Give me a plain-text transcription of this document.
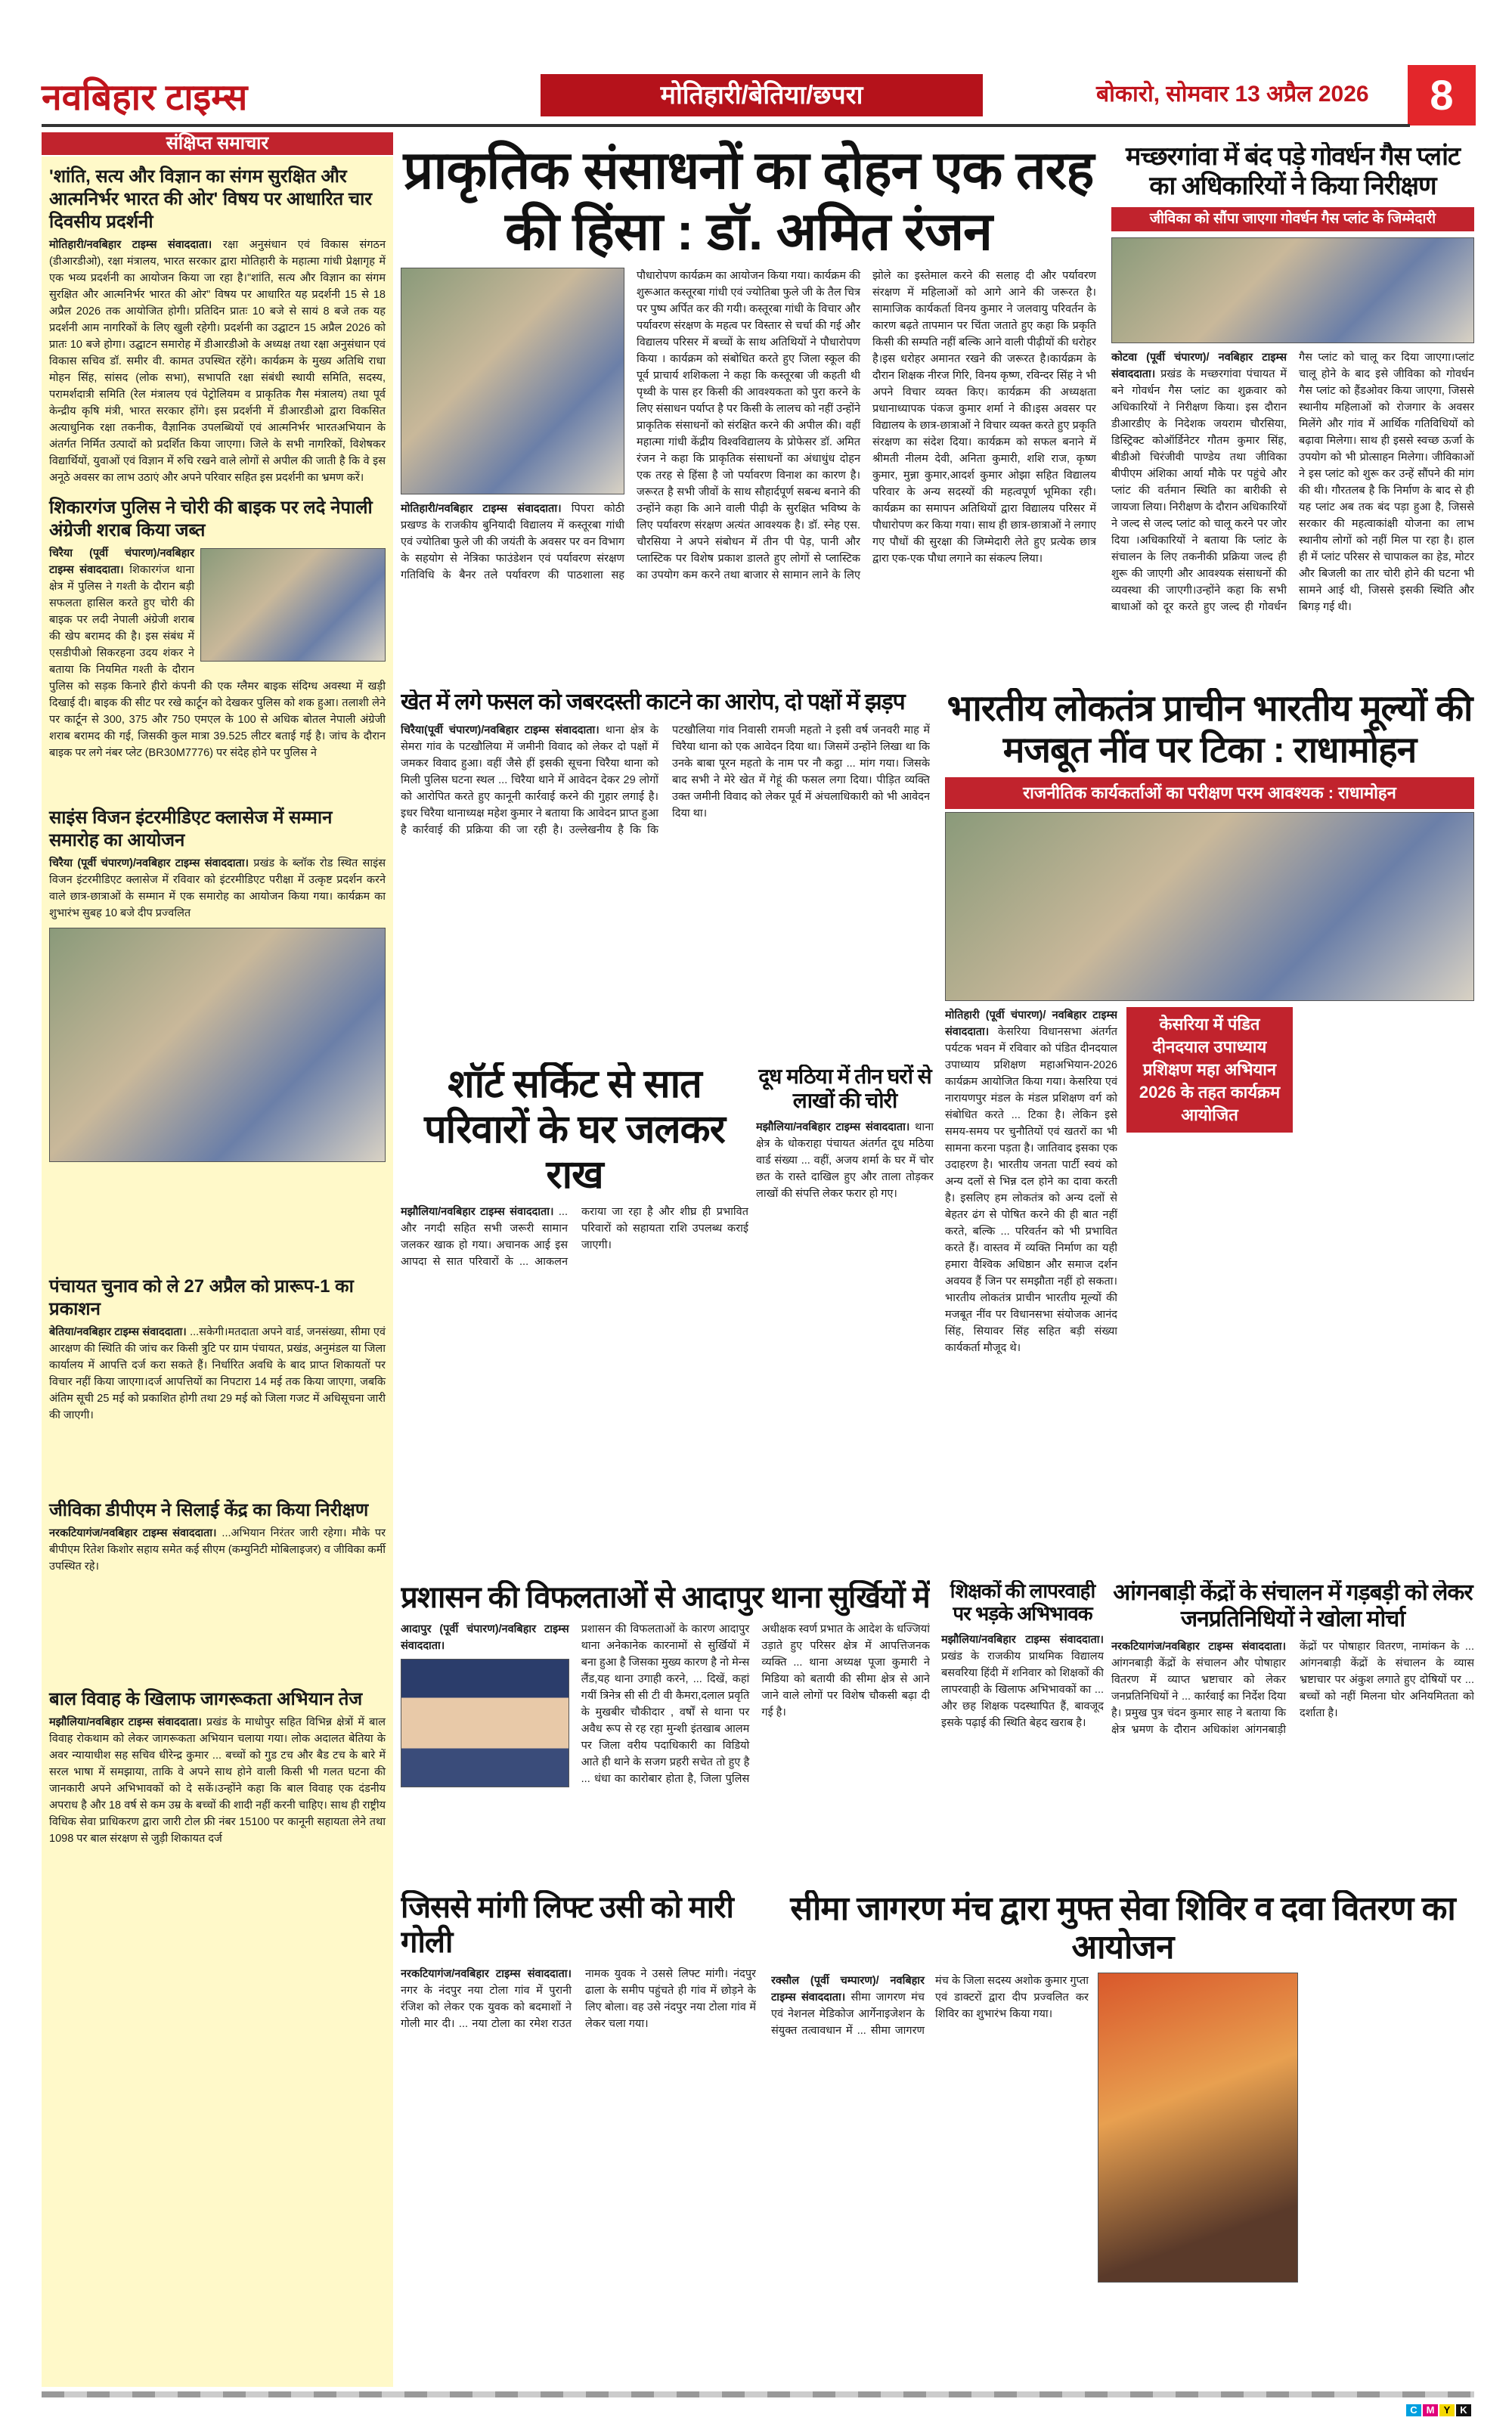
नवबिहार टाइम्स	मोतिहारी/बेतिया/छपरा	बोकारो, सोमवार 13 अप्रैल 2026	8
संक्षिप्त समाचार
'शांति, सत्य और विज्ञान का संगम सुरक्षित और आत्मनिर्भर भारत की ओर' विषय पर आधारित चार दिवसीय प्रदर्शनी

मोतिहारी/नवबिहार टाइम्स संवाददाता। रक्षा अनुसंधान एवं विकास संगठन (डीआरडीओ), रक्षा मंत्रालय, भारत सरकार द्वारा मोतिहारी के महात्मा गांधी प्रेक्षागृह में एक भव्य प्रदर्शनी का आयोजन किया जा रहा है।"शांति, सत्य और विज्ञान का संगम सुरक्षित और आत्मनिर्भर भारत की ओर" विषय पर आधारित यह प्रदर्शनी 15 से 18 अप्रैल 2026 तक आयोजित होगी। प्रतिदिन प्रातः 10 बजे से सायं 8 बजे तक यह प्रदर्शनी आम नागरिकों के लिए खुली रहेगी। प्रदर्शनी का उद्घाटन 15 अप्रैल 2026 को प्रातः 10 बजे होगा। उद्घाटन समारोह में डीआरडीओ के अध्यक्ष तथा रक्षा अनुसंधान एवं विकास सचिव डॉ. समीर वी. कामत उपस्थित रहेंगे। कार्यक्रम के मुख्य अतिथि राधा मोहन सिंह, सांसद (लोक सभा), सभापति रक्षा संबंधी स्थायी समिति, सदस्य, परामर्शदात्री समिति (रेल मंत्रालय एवं पेट्रोलियम व प्राकृतिक गैस मंत्रालय) तथा पूर्व केन्द्रीय कृषि मंत्री, भारत सरकार होंगे। इस प्रदर्शनी में डीआरडीओ द्वारा विकसित अत्याधुनिक रक्षा तकनीक, वैज्ञानिक उपलब्धियों एवं आत्मनिर्भर भारतअभियान के अंतर्गत निर्मित उत्पादों को प्रदर्शित किया जाएगा। जिले के सभी नागरिकों, विशेषकर विद्यार्थियों, युवाओं एवं विज्ञान में रुचि रखने वाले लोगों से अपील की जाती है कि वे इस अनूठे अवसर का लाभ उठाएं और अपने परिवार सहित इस प्रदर्शनी का भ्रमण करें।

शिकारगंज पुलिस ने चोरी की बाइक पर लदे नेपाली अंग्रेजी शराब किया जब्त

चिरैया (पूर्वी चंपारण)/नवबिहार टाइम्स संवाददाता। शिकारगंज थाना क्षेत्र में पुलिस ने गश्ती के दौरान बड़ी सफलता हासिल करते हुए चोरी की बाइक पर लदी नेपाली अंग्रेजी शराब की खेप बरामद की है। इस संबंध में एसडीपीओ सिकरहना उदय शंकर ने बताया कि नियमित गश्ती के दौरान पुलिस को सड़क किनारे हीरो कंपनी की एक ग्लैमर बाइक संदिग्ध अवस्था में खड़ी दिखाई दी। बाइक की सीट पर रखे कार्टून को देखकर पुलिस को शक हुआ। तलाशी लेने पर कार्टून से 300, 375 और 750 एमएल के 100 से अधिक बोतल नेपाली अंग्रेजी शराब बरामद की गई, जिसकी कुल मात्रा 39.525 लीटर बताई गई है। जांच के दौरान बाइक पर लगे नंबर प्लेट (BR30M7776) पर संदेह होने पर पुलिस ने

साइंस विजन इंटरमीडिएट क्लासेज में सम्मान समारोह का आयोजन

चिरैया (पूर्वी चंपारण)/नवबिहार टाइम्स संवाददाता। प्रखंड के ब्लॉक रोड स्थित साइंस विजन इंटरमीडिएट क्लासेज में रविवार को इंटरमीडिएट परीक्षा में उत्कृष्ट प्रदर्शन करने वाले छात्र-छात्राओं के सम्मान में एक समारोह का आयोजन किया गया। कार्यक्रम का शुभारंभ सुबह 10 बजे दीप प्रज्वलित

पंचायत चुनाव को ले 27 अप्रैल को प्रारूप-1 का प्रकाशन

बेतिया/नवबिहार टाइम्स संवाददाता। ...सकेगी।मतदाता अपने वार्ड, जनसंख्या, सीमा एवं आरक्षण की स्थिति की जांच कर किसी त्रुटि पर ग्राम पंचायत, प्रखंड, अनुमंडल या जिला कार्यालय में आपत्ति दर्ज करा सकते हैं। निर्धारित अवधि के बाद प्राप्त शिकायतों पर विचार नहीं किया जाएगा।दर्ज आपत्तियों का निपटारा 14 मई तक किया जाएगा, जबकि अंतिम सूची 25 मई को प्रकाशित होगी तथा 29 मई को जिला गजट में अधिसूचना जारी की जाएगी।

जीविका डीपीएम ने सिलाई केंद्र का किया निरीक्षण

नरकटियागंज/नवबिहार टाइम्स संवाददाता। ...अभियान निरंतर जारी रहेगा। मौके पर बीपीएम रितेश किशोर सहाय समेत कई सीएम (कम्युनिटी मोबिलाइजर) व जीविका कर्मी उपस्थित रहे।

बाल विवाह के खिलाफ जागरूकता अभियान तेज

मझौलिया/नवबिहार टाइम्स संवाददाता। प्रखंड के माधोपुर सहित विभिन्न क्षेत्रों में बाल विवाह रोकथाम को लेकर जागरूकता अभियान चलाया गया। लोक अदालत बेतिया के अवर न्यायाधीश सह सचिव धीरेन्द्र कुमार ... बच्चों को गुड टच और बैड टच के बारे में सरल भाषा में समझाया, ताकि वे अपने साथ होने वाली किसी भी गलत घटना की जानकारी अपने अभिभावकों को दे सकें।उन्होंने कहा कि बाल विवाह एक दंडनीय अपराध है और 18 वर्ष से कम उम्र के बच्चों की शादी नहीं करनी चाहिए। साथ ही राष्ट्रीय विधिक सेवा प्राधिकरण द्वारा जारी टोल फ्री नंबर 15100 पर कानूनी सहायता लेने तथा 1098 पर बाल संरक्षण से जुड़ी शिकायत दर्ज

प्राकृतिक संसाधनों का दोहन एक तरह की हिंसा : डॉ. अमित रंजन
मोतिहारी/नवबिहार टाइम्स संवाददाता। पिपरा कोठी प्रखण्ड के राजकीय बुनियादी विद्यालय में कस्तूरबा गांधी एवं ज्योतिबा फुले जी की जयंती के अवसर पर वन विभाग के सहयोग से नेत्रिका फाउंडेशन एवं पर्यावरण संरक्षण गतिविधि के बैनर तले पर्यावरण की पाठशाला सह पौधारोपण कार्यक्रम का आयोजन किया गया। कार्यक्रम की शुरूआत कस्तूरबा गांधी एवं ज्योतिबा फुले जी के तैल चित्र पर पुष्प अर्पित कर की गयी। कस्तूरबा गांधी के विचार और पर्यावरण संरक्षण के महत्व पर विस्तार से चर्चा की गई और विद्यालय परिसर में बच्चों के साथ अतिथियों ने पौधारोपण किया । कार्यक्रम को संबोधित करते हुए जिला स्कूल की पूर्व प्राचार्य शशिकला ने कहा कि कस्तूरबा जी कहती थी पृथ्वी के पास हर किसी की आवश्यकता को पुरा करने के लिए संसाधन पर्याप्त है पर किसी के लालच को नहीं उन्होंने प्राकृतिक संसाधनों को संरक्षित करने की अपील की। वहीं महात्मा गांधी केंद्रीय विश्वविद्यालय के प्रोफेसर डॉ. अमित रंजन ने कहा कि प्राकृतिक संसाधनों का अंधाधुंध दोहन एक तरह से हिंसा है जो पर्यावरण विनाश का कारण है। जरूरत है सभी जीवों के साथ सौहार्दपूर्ण सबन्ध बनाने की उन्होंने कहा कि आने वाली पीढ़ी के सुरक्षित भविष्य के लिए पर्यावरण संरक्षण अत्यंत आवश्यक है। डॉ. स्नेह एस. चौरसिया ने अपने संबोधन में तीन पी पेड़, पानी और प्लास्टिक पर विशेष प्रकाश डालते हुए लोगों से प्लास्टिक का उपयोग कम करने तथा बाजार से सामान लाने के लिए झोले का इस्तेमाल करने की सलाह दी और पर्यावरण संरक्षण में महिलाओं को आगे आने की जरूरत है। सामाजिक कार्यकर्ता विनय कुमार ने जलवायु परिवर्तन के कारण बढ़ते तापमान पर चिंता जताते हुए कहा कि प्रकृति किसी की सम्पति नहीं बल्कि आने वाली पीढ़ीयों की धरोहर है।इस धरोहर अमानत रखने की जरूरत है।कार्यक्रम के दौरान शिक्षक नीरज गिरि, विनय कृष्ण, रविन्दर सिंह ने भी अपने विचार व्यक्त किए। कार्यक्रम की अध्यक्षता प्रधानाध्यापक पंकज कुमार शर्मा ने की।इस अवसर पर विद्यालय के छात्र-छात्राओं ने विचार व्यक्त करते हुए प्रकृति संरक्षण का संदेश दिया। कार्यक्रम को सफल बनाने में श्रीमती नीलम देवी, अनिता कुमारी, शशि राज, कृष्ण कुमार, मुन्ना कुमार,आदर्श कुमार ओझा सहित विद्यालय परिवार के अन्य सदस्यों की महत्वपूर्ण भूमिका रही। कार्यक्रम का समापन अतिथियों द्वारा विद्यालय परिसर में पौधारोपण कर किया गया। साथ ही छात्र-छात्राओं ने लगाए गए पौधों की सुरक्षा की जिम्मेदारी लेते हुए प्रत्येक छात्र द्वारा एक-एक पौधा लगाने का संकल्प लिया।
मच्छरगांवा में बंद पड़े गोवर्धन गैस प्लांट का अधिकारियों ने किया निरीक्षण
जीविका को सौंपा जाएगा गोवर्धन गैस प्लांट के जिम्मेदारी
कोटवा (पूर्वी चंपारण)/ नवबिहार टाइम्स संवाददाता। प्रखंड के मच्छरगांवा पंचायत में बने गोवर्धन गैस प्लांट का शुक्रवार को अधिकारियों ने निरीक्षण किया। इस दौरान डीआरडीए के निदेशक जयराम चौरसिया, डिस्ट्रिक्ट कोऑर्डिनेटर गौतम कुमार सिंह, बीडीओ चिरंजीवी पाण्डेय तथा जीविका बीपीएम अंशिका आर्या मौके पर पहुंचे और प्लांट की वर्तमान स्थिति का बारीकी से जायजा लिया। निरीक्षण के दौरान अधिकारियों ने जल्द से जल्द प्लांट को चालू करने पर जोर दिया ।अधिकारियों ने बताया कि प्लांट के संचालन के लिए तकनीकी प्रक्रिया जल्द ही शुरू की जाएगी और आवश्यक संसाधनों की व्यवस्था की जाएगी।उन्होंने कहा कि सभी बाधाओं को दूर करते हुए जल्द ही गोवर्धन गैस प्लांट को चालू कर दिया जाएगा।प्लांट चालू होने के बाद इसे जीविका को गोवर्धन गैस प्लांट को हैंडओवर किया जाएगा, जिससे स्थानीय महिलाओं को रोजगार के अवसर मिलेंगे और गांव में आर्थिक गतिविधियों को बढ़ावा मिलेगा। साथ ही इससे स्वच्छ ऊर्जा के उपयोग को भी प्रोत्साहन मिलेगा। जीविकाओं ने इस प्लांट को शुरू कर उन्हें सौंपने की मांग की थी। गौरतलब है कि निर्माण के बाद से ही यह प्लांट अब तक बंद पड़ा हुआ है, जिससे सरकार की महत्वाकांक्षी योजना का लाभ स्थानीय लोगों को नहीं मिल पा रहा है। हाल ही में प्लांट परिसर से चापाकल का हेड, मोटर और बिजली का तार चोरी होने की घटना भी सामने आई थी, जिससे इसकी स्थिति और बिगड़ गई थी।
खेत में लगे फसल को जबरदस्ती काटने का आरोप, दो पक्षों में झड़प
चिरैया(पूर्वी चंपारण)/नवबिहार टाइम्स संवाददाता। थाना क्षेत्र के सेमरा गांव के पटखौलिया में जमीनी विवाद को लेकर दो पक्षों में जमकर विवाद हुआ। वहीं जैसे हीं इसकी सूचना चिरैया थाना को मिली पुलिस घटना स्थल ... चिरैया थाने में आवेदन देकर 29 लोगों को आरोपित करते हुए कानूनी कार्रवाई करने की गुहार लगाई है। इधर चिरैया थानाध्यक्ष महेश कुमार ने बताया कि आवेदन प्राप्त हुआ है कार्रवाई की प्रक्रिया की जा रही है। उल्लेखनीय है कि कि पटखौलिया गांव निवासी रामजी महतो ने इसी वर्ष जनवरी माह में चिरैया थाना को एक आवेदन दिया था। जिसमें उन्होंने लिखा था कि उनके बाबा पूरन महतो के नाम पर नौ कट्ठा ... मांग गया। जिसके बाद सभी ने मेरे खेत में गेहूं की फसल लगा दिया। पीड़ित व्यक्ति उक्त जमीनी विवाद को लेकर पूर्व में अंचलाधिकारी को भी आवेदन दिया था।
भारतीय लोकतंत्र प्राचीन भारतीय मूल्यों की मजबूत नींव पर टिका : राधामोहन
राजनीतिक कार्यकर्ताओं का परीक्षण परम आवश्यक : राधामोहन
मोतिहारी (पूर्वी चंपारण)/ नवबिहार टाइम्स संवाददाता। केसरिया विधानसभा अंतर्गत पर्यटक भवन में रविवार को पंडित दीनदयाल उपाध्याय प्रशिक्षण महाअभियान-2026 कार्यक्रम आयोजित किया गया। केसरिया एवं नारायणपुर मंडल के मंडल प्रशिक्षण वर्ग को संबोधित करते ... टिका है। लेकिन इसे समय-समय पर चुनौतियों एवं खतरों का भी सामना करना पड़ता है। जातिवाद इसका एक उदाहरण है। भारतीय जनता पार्टी स्वयं को अन्य दलों से भिन्न दल होने का दावा करती है। इसलिए हम लोकतंत्र को अन्य दलों से बेहतर ढंग से पोषित करने की ही बात नहीं करते, बल्कि ... परिवर्तन को भी प्रभावित करते हैं। वास्तव में व्यक्ति निर्माण का यही हमारा वैश्विक अधिष्ठान और समाज दर्शन अवयव हैं जिन पर समझौता नहीं हो सकता।भारतीय लोकतंत्र प्राचीन भारतीय मूल्यों की मजबूत नींव पर विधानसभा संयोजक आनंद सिंह, सियावर सिंह सहित बड़ी संख्या कार्यकर्ता मौजूद थे।
केसरिया में पंडित दीनदयाल उपाध्याय प्रशिक्षण महा अभियान 2026 के तहत कार्यक्रम आयोजित
शॉर्ट सर्किट से सात परिवारों के घर जलकर राख
मझौलिया/नवबिहार टाइम्स संवाददाता। ... और नगदी सहित सभी जरूरी सामान जलकर खाक हो गया। अचानक आई इस आपदा से सात परिवारों के ... आकलन कराया जा रहा है और शीघ्र ही प्रभावित परिवारों को सहायता राशि उपलब्ध कराई जाएगी।
दूध मठिया में तीन घरों से लाखों की चोरी
मझौलिया/नवबिहार टाइम्स संवाददाता। थाना क्षेत्र के धोकराहा पंचायत अंतर्गत दूध मठिया वार्ड संख्या ... वहीं, अजय शर्मा के घर में चोर छत के रास्ते दाखिल हुए और ताला तोड़कर लाखों की संपत्ति लेकर फरार हो गए।
प्रशासन की विफलताओं से आदापुर थाना सुर्खियों में
आदापुर (पूर्वी चंपारण)/नवबिहार टाइम्स संवाददाता।
प्रशासन की विफलताओं के कारण आदापुर थाना अनेकानेक कारनामों से सुर्खियों में बना हुआ है जिसका मुख्य कारण है नो मेन्स लैंड,यह थाना उगाही करने, ... दिखें, कहां गयीं त्रिनेत्र सी सी टी वी कैमरा,दलाल प्रवृति के मुखबीर चौकीदार , वर्षों से थाना पर अवैध रूप से रह रहा मुन्शी इंतखाब आलम पर जिला वरीय पदाधिकारी का विडियो आते ही थाने के सजग प्रहरी सचेत तो हुए है ... धंधा का कारोबार होता है, जिला पुलिस अधीक्षक स्वर्ण प्रभात के आदेश के धज्जियां उड़ाते हुए परिसर क्षेत्र में आपत्तिजनक व्यक्ति ... थाना अध्यक्ष पूजा कुमारी ने मिडिया को बतायी की सीमा क्षेत्र से आने जाने वाले लोगों पर विशेष चौकसी बढ़ा दी गई है।
शिक्षकों की लापरवाही पर भड़के अभिभावक
मझौलिया/नवबिहार टाइम्स संवाददाता। प्रखंड के राजकीय प्राथमिक विद्यालय बसवरिया हिंदी में शनिवार को शिक्षकों की लापरवाही के खिलाफ अभिभावकों का ... और छह शिक्षक पदस्थापित हैं, बावजूद इसके पढ़ाई की स्थिति बेहद खराब है।
आंगनबाड़ी केंद्रों के संचालन में गड़बड़ी को लेकर जनप्रतिनिधियों ने खोला मोर्चा
नरकटियागंज/नवबिहार टाइम्स संवाददाता। आंगनबाड़ी केंद्रों के संचालन और पोषाहार वितरण में व्याप्त भ्रष्टाचार को लेकर जनप्रतिनिधियों ने ... कार्रवाई का निर्देश दिया है। प्रमुख पुत्र चंदन कुमार साह ने बताया कि क्षेत्र भ्रमण के दौरान अधिकांश आंगनबाड़ी केंद्रों पर पोषाहार वितरण, नामांकन के ... आंगनबाड़ी केंद्रों के संचालन के व्यास भ्रष्टाचार पर अंकुश लगाते हुए दोषियों पर ... बच्चों को नहीं मिलना घोर अनियमितता को दर्शाता है।
जिससे मांगी लिफ्ट उसी को मारी गोली
नरकटियागंज/नवबिहार टाइम्स संवाददाता। नगर के नंदपुर नया टोला गांव में पुरानी रंजिश को लेकर एक युवक को बदमाशों ने गोली मार दी। ... नया टोला का रमेश राउत नामक युवक ने उससे लिफ्ट मांगी। नंदपुर ढाला के समीप पहुंचते ही गांव में छोड़ने के लिए बोला। वह उसे नंदपुर नया टोला गांव में लेकर चला गया।
सीमा जागरण मंच द्वारा मुफ्त सेवा शिविर व दवा वितरण का आयोजन
रक्सौल (पूर्वी चम्पारण)/ नवबिहार टाइम्स संवाददाता। सीमा जागरण मंच एवं नेशनल मेडिकोज आर्गेनाइजेशन के संयुक्त तत्वावधान में ... सीमा जागरण मंच के जिला सदस्य अशोक कुमार गुप्ता एवं डाक्टरों द्वारा दीप प्रज्वलित कर शिविर का शुभारंभ किया गया।
C M Y K
